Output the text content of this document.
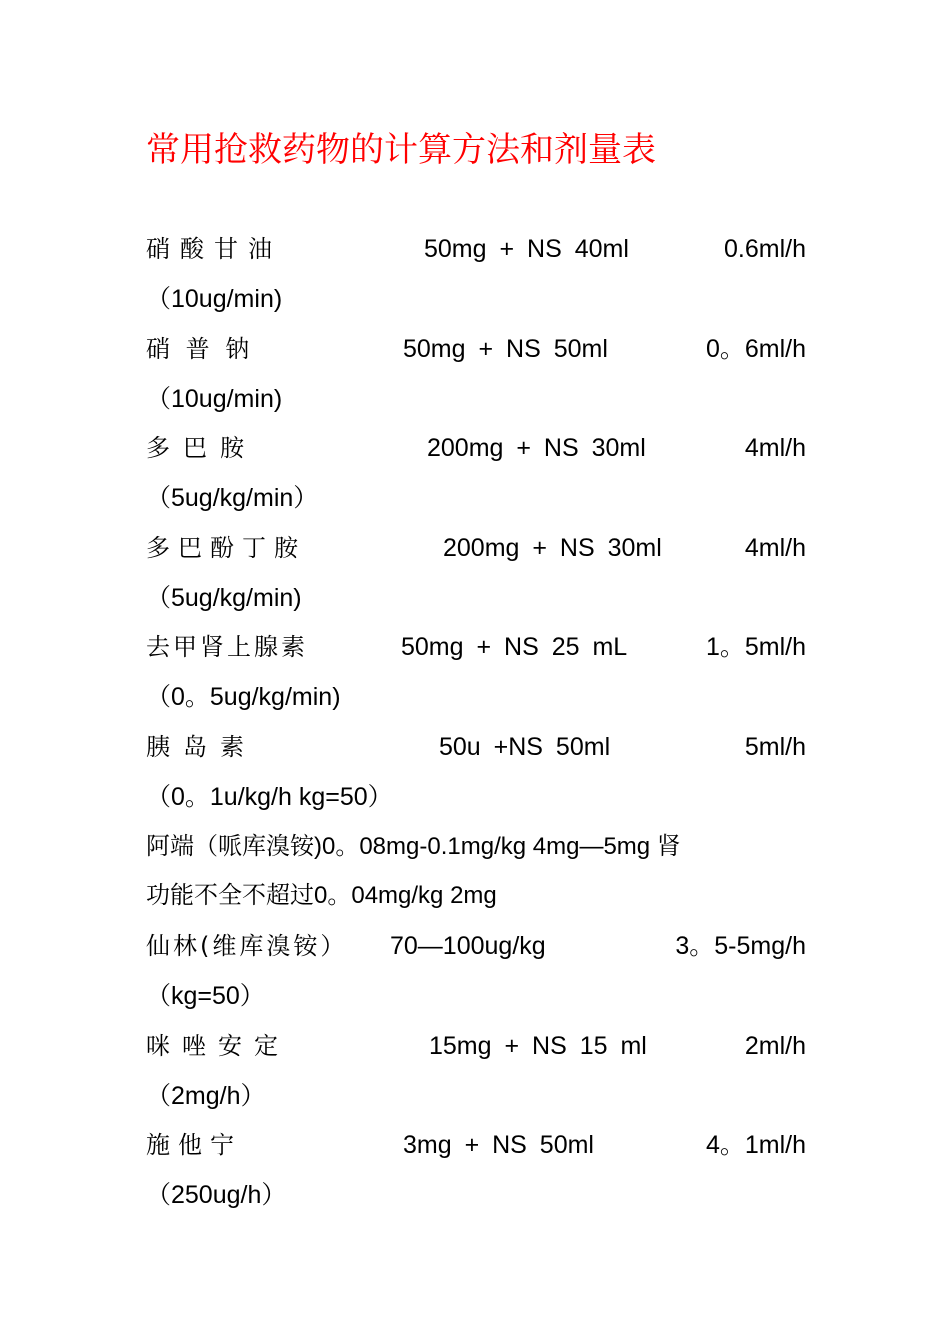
常用抢救药物的计算方法和剂量表
硝酸甘油	50mg + NS 40ml	0.6ml/h
（10ug/min)
硝 普 钠	50mg + NS 50ml	0。6ml/h
（10ug/min)
多巴胺	200mg + NS 30ml	4ml/h
（5ug/kg/min）
多巴酚丁胺	200mg + NS 30ml	4ml/h
（5ug/kg/min)
去甲肾上腺素	50mg + NS 25 mL	1。5ml/h
（0。5ug/kg/min)
胰岛素	50u +NS 50ml	5ml/h
（0。1u/kg/h kg=50）
阿端（哌库溴铵)0。08mg-0.1mg/kg 4mg—5mg 肾
功能不全不超过0。04mg/kg 2mg
仙林(维库溴铵） 70—100ug/kg	3。5-5mg/h
（kg=50）
咪唑安定	15mg + NS 15 ml	2ml/h
（2mg/h）
施他宁	3mg + NS 50ml	4。1ml/h
（250ug/h）
